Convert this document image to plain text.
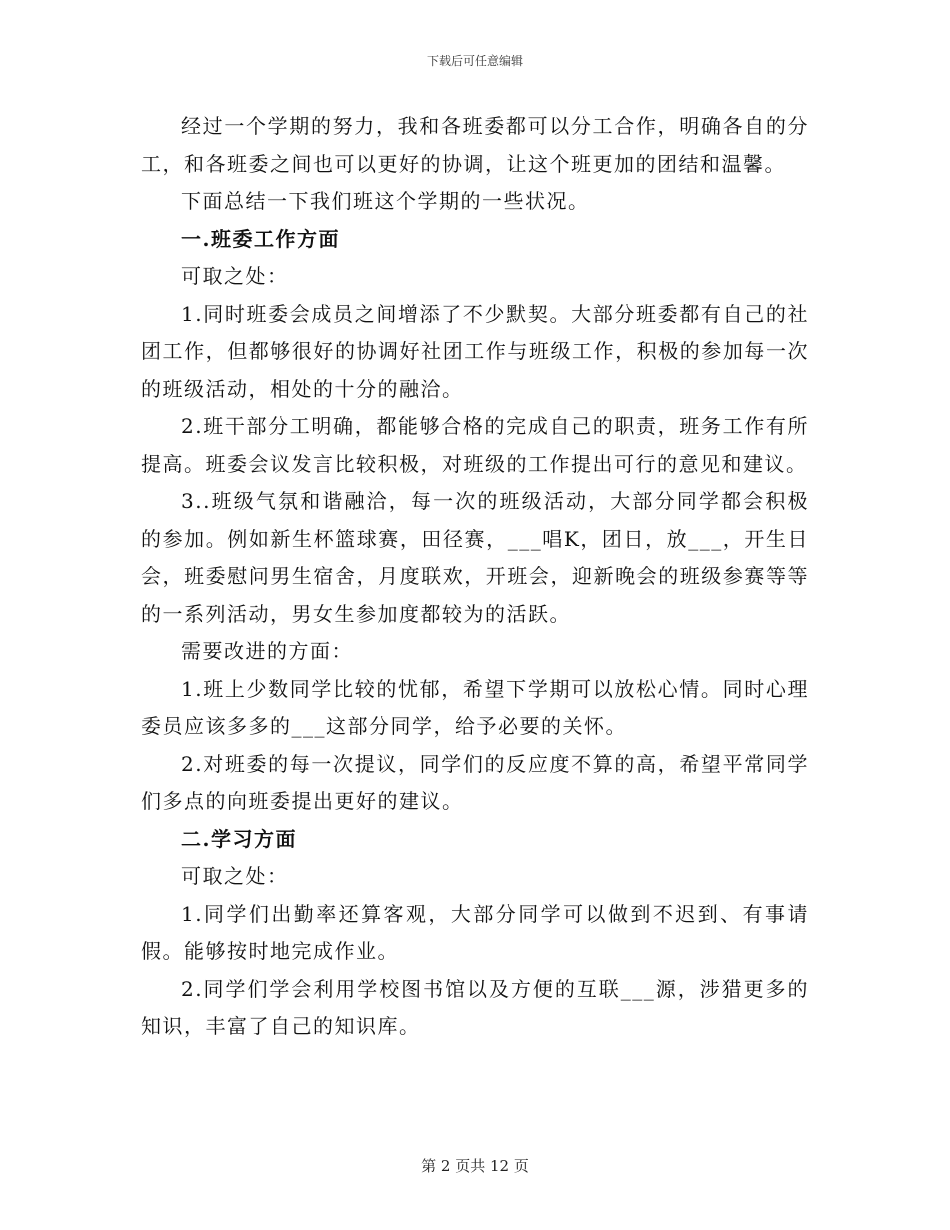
下载后可任意编辑

经过一个学期的努力，我和各班委都可以分工合作，明确各自的分工，和各班委之间也可以更好的协调，让这个班更加的团结和温馨。

下面总结一下我们班这个学期的一些状况。

一.班委工作方面

可取之处：

1.同时班委会成员之间增添了不少默契。大部分班委都有自己的社团工作，但都够很好的协调好社团工作与班级工作，积极的参加每一次的班级活动，相处的十分的融洽。

2.班干部分工明确，都能够合格的完成自己的职责，班务工作有所提高。班委会议发言比较积极，对班级的工作提出可行的意见和建议。

3..班级气氛和谐融洽，每一次的班级活动，大部分同学都会积极的参加。例如新生杯篮球赛，田径赛，___唱K，团日，放___，开生日会，班委慰问男生宿舍，月度联欢，开班会，迎新晚会的班级参赛等等的一系列活动，男女生参加度都较为的活跃。

需要改进的方面：

1.班上少数同学比较的忧郁，希望下学期可以放松心情。同时心理委员应该多多的___这部分同学，给予必要的关怀。

2.对班委的每一次提议，同学们的反应度不算的高，希望平常同学们多点的向班委提出更好的建议。

二.学习方面

可取之处：

1.同学们出勤率还算客观，大部分同学可以做到不迟到、有事请假。能够按时地完成作业。

2.同学们学会利用学校图书馆以及方便的互联___源，涉猎更多的知识，丰富了自己的知识库。

第 2 页共 12 页
